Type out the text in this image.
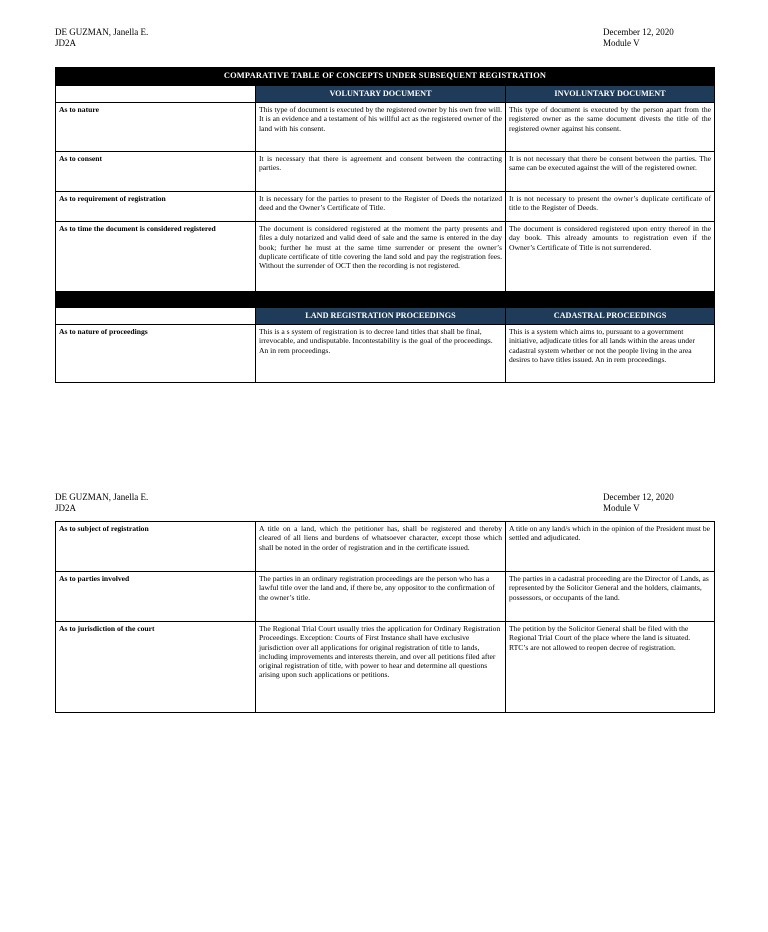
DE GUZMAN, Janella E.
JD2A
December 12, 2020
Module V
COMPARATIVE TABLE OF CONCEPTS UNDER SUBSEQUENT REGISTRATION		
	VOLUNTARY DOCUMENT	INVOLUNTARY DOCUMENT
As to nature	This type of document is executed by the registered owner by his own free will. It is an evidence and a testament of his willful act as the registered owner of the land with his consent.	This type of document is executed by the person apart from the registered owner as the same document divests the title of the registered owner against his consent.
As to consent	It is necessary that there is agreement and consent between the contracting parties.	It is not necessary that there be consent between the parties. The same can be executed against the will of the registered owner.
As to requirement of registration	It is necessary for the parties to present to the Register of Deeds the notarized deed and the Owner’s Certificate of Title.	It is not necessary to present the owner’s duplicate certificate of title to the Register of Deeds.
As to time the document is considered registered	The document is considered registered at the moment the party presents and files a duly notarized and valid deed of sale and the same is entered in the day book; further he must at the same time surrender or present the owner’s duplicate certificate of title covering the land sold and pay the registration fees. Without the surrender of OCT then the recording is not registered.	The document is considered registered upon entry thereof in the day book. This already amounts to registration even if the Owner’s Certificate of Title is not surrendered.

	LAND REGISTRATION PROCEEDINGS	CADASTRAL PROCEEDINGS
As to nature of proceedings	This is a s system of registration is to decree land titles that shall be final, irrevocable, and undisputable. Incontestability is the goal of the proceedings. An in rem proceedings.	This is a system which aims to, pursuant to a government initiative, adjudicate titles for all lands within the areas under cadastral system whether or not the people living in the area desires to have titles issued. An in rem proceedings.
DE GUZMAN, Janella E.
JD2A
December 12, 2020
Module V
As to subject of registration	A title on a land, which the petitioner has, shall be registered and thereby cleared of all liens and burdens of whatsoever character, except those which shall be noted in the order of registration and in the certificate issued.	A title on any land/s which in the opinion of the President must be settled and adjudicated.
As to parties involved	The parties in an ordinary registration proceedings are the person who has a lawful title over the land and, if there be, any oppositor to the confirmation of the owner’s title.	The parties in a cadastral proceeding are the Director of Lands, as represented by the Solicitor General and the holders, claimants, possessors, or occupants of the land.
As to jurisdiction of the court	The Regional Trial Court usually tries the application for Ordinary Registration Proceedings. Exception: Courts of First Instance shall have exclusive jurisdiction over all applications for original registration of title to lands, including improvements and interests therein, and over all petitions filed after original registration of title, with power to hear and determine all questions arising upon such applications or petitions.	The petition by the Solicitor General shall be filed with the Regional Trial Court of the place where the land is situated. RTC’s are not allowed to reopen decree of registration.
